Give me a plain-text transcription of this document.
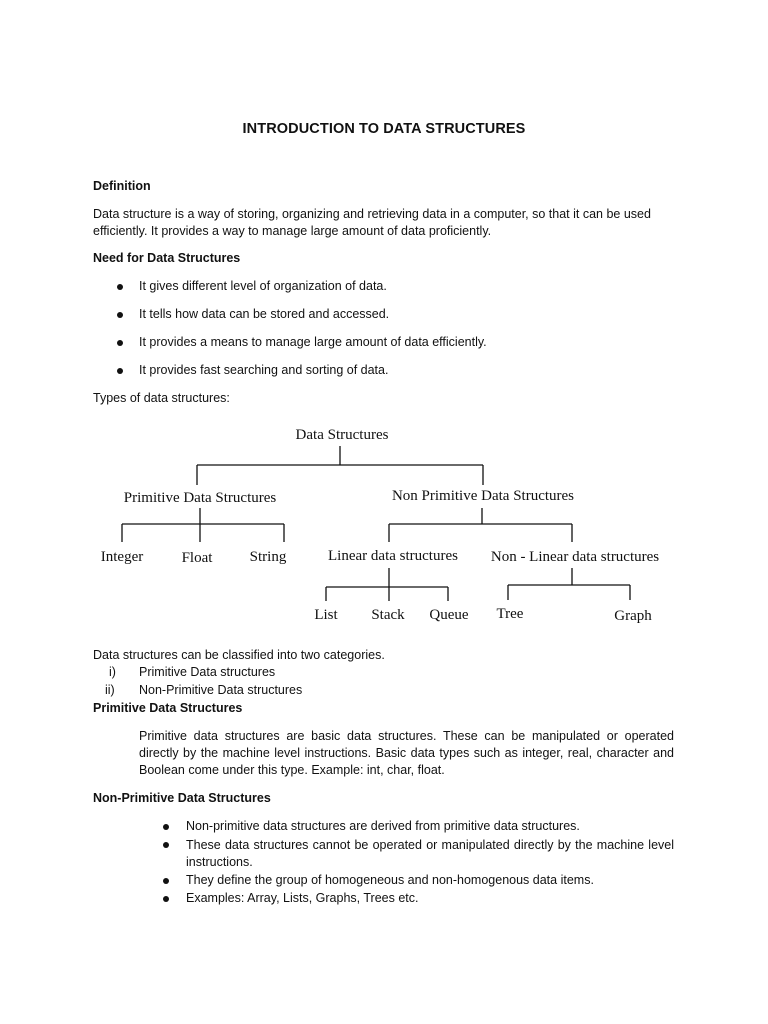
INTRODUCTION TO DATA STRUCTURES
Definition
Data structure is a way of storing, organizing and retrieving data in a computer, so that it can be used efficiently. It provides a way to manage large amount of data proficiently.
Need for Data Structures
It gives different level of organization of data.
It tells how data can be stored and accessed.
It provides a means to manage large amount of data efficiently.
It provides fast searching and sorting of data.
Types of data structures:
Data Structures
Primitive Data Structures	Non Primitive Data Structures
Integer	Float String	Linear data structures Non - Linear data structures
List Stack Queue Tree	Graph
Data structures can be classified into two categories.
i) Primitive Data structures
ii) Non-Primitive Data structures
Primitive Data Structures
Primitive data structures are basic data structures. These can be manipulated or operated directly by the machine level instructions. Basic data types such as integer, real, character and Boolean come under this type. Example: int, char, float.
Non-Primitive Data Structures
Non-primitive data structures are derived from primitive data structures.
These data structures cannot be operated or manipulated directly by the machine level instructions.
They define the group of homogeneous and non-homogenous data items.
Examples: Array, Lists, Graphs, Trees etc.
